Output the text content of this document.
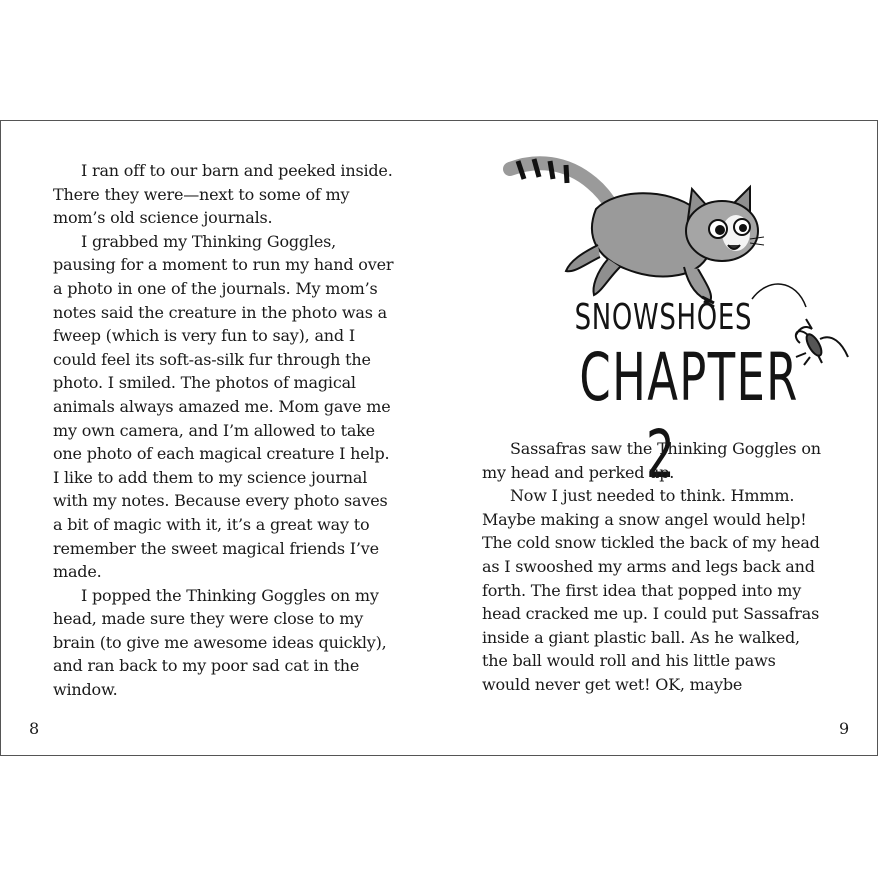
I ran off to our barn and peeked inside. There they were—next to some of my mom’s old science journals.

I grabbed my Thinking Goggles, pausing for a moment to run my hand over a photo in one of the journals. My mom’s notes said the creature in the photo was a fweep (which is very fun to say), and I could feel its soft-as-silk fur through the photo. I smiled. The photos of magical animals always amazed me. Mom gave me my own camera, and I’m allowed to take one photo of each magical creature I help. I like to add them to my science journal with my notes. Because every photo saves a bit of magic with it, it’s a great way to remember the sweet magical friends I’ve made.

I popped the Thinking Goggles on my head, made sure they were close to my brain (to give me awesome ideas quickly), and ran back to my poor sad cat in the window.

8
SNOWSHOES
CHAPTER 2

Sassafras saw the Thinking Goggles on my head and perked up.

Now I just needed to think. Hmmm. Maybe making a snow angel would help! The cold snow tickled the back of my head as I swooshed my arms and legs back and forth. The first idea that popped into my head cracked me up. I could put Sassafras inside a giant plastic ball. As he walked, the ball would roll and his little paws would never get wet! OK, maybe

9
